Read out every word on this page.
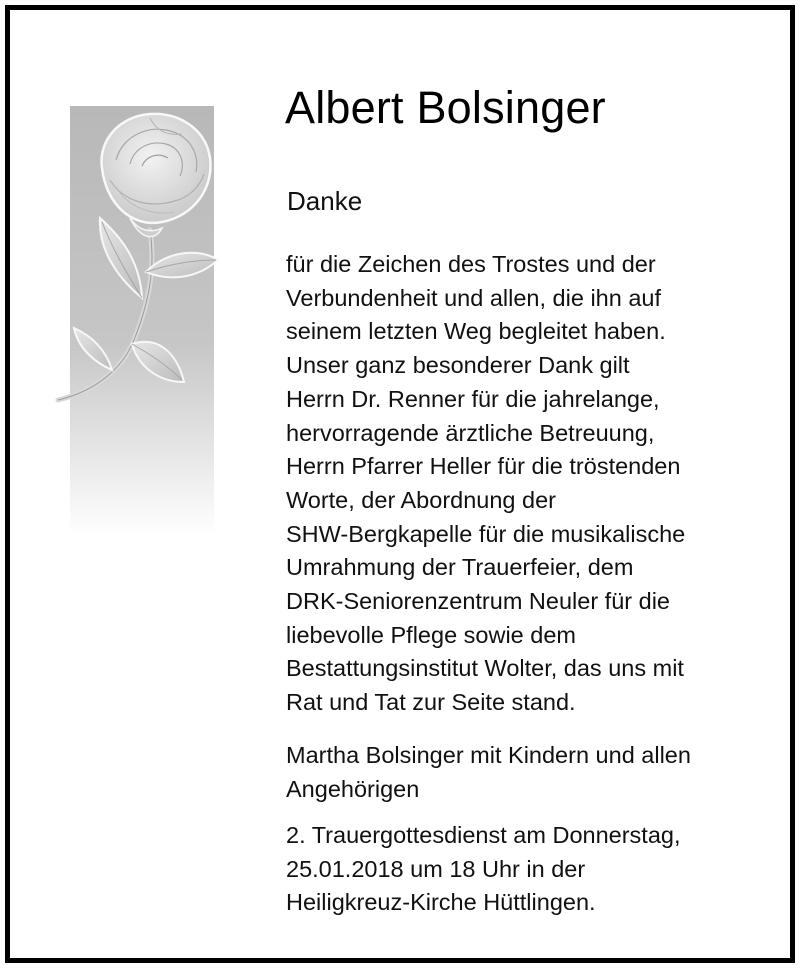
Albert Bolsinger
Danke

für die Zeichen des Trostes und der
Verbundenheit und allen, die ihn auf
seinem letzten Weg begleitet haben.
Unser ganz besonderer Dank gilt
Herrn Dr. Renner für die jahrelange,
hervorragende ärztliche Betreuung,
Herrn Pfarrer Heller für die tröstenden
Worte, der Abordnung der
SHW-Bergkapelle für die musikalische
Umrahmung der Trauerfeier, dem
DRK-Seniorenzentrum Neuler für die
liebevolle Pflege sowie dem
Bestattungsinstitut Wolter, das uns mit
Rat und Tat zur Seite stand.

Martha Bolsinger mit Kindern und allen
Angehörigen

2. Trauergottesdienst am Donnerstag,
25.01.2018 um 18 Uhr in der
Heiligkreuz-Kirche Hüttlingen.
